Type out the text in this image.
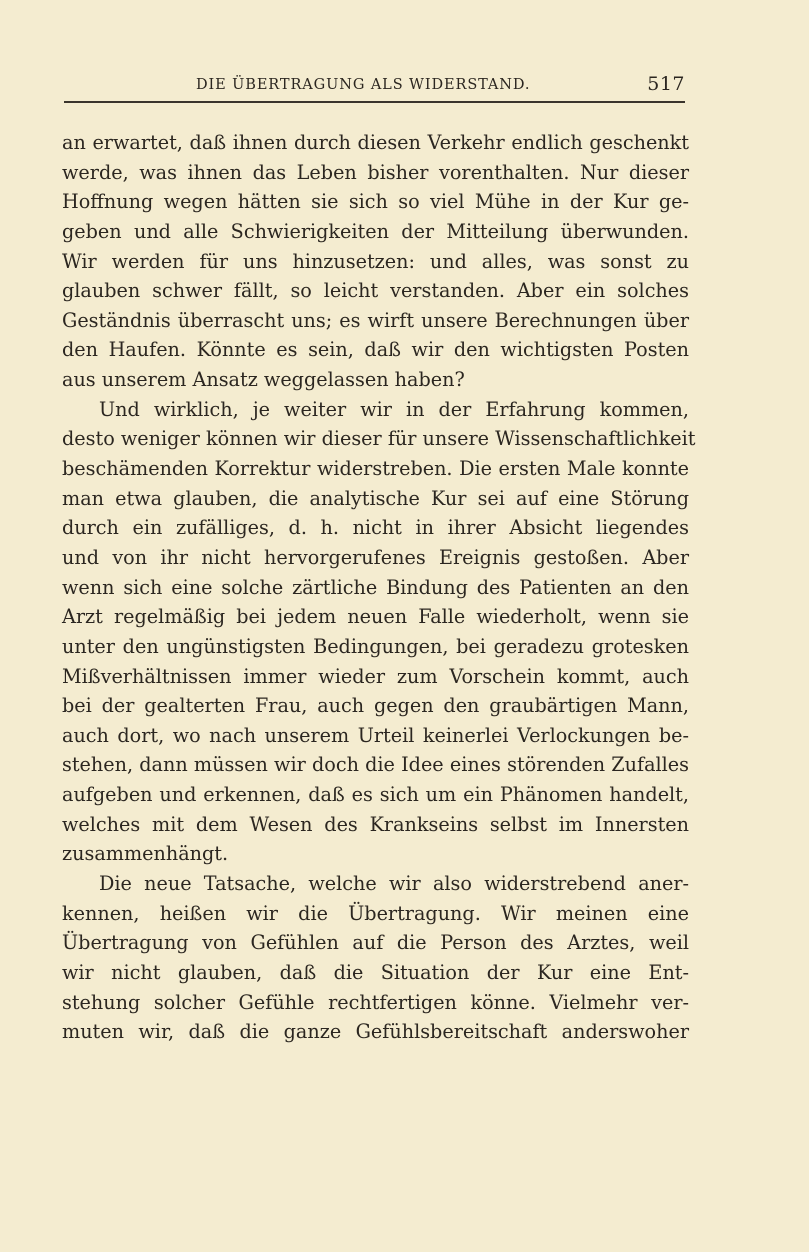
DIE ÜBERTRAGUNG ALS WIDERSTAND.	517
an erwartet, daß ihnen durch diesen Verkehr endlich geschenkt
werde, was ihnen das Leben bisher vorenthalten. Nur dieser
Hoffnung wegen hätten sie sich so viel Mühe in der Kur ge-
geben und alle Schwierigkeiten der Mitteilung überwunden.
Wir werden für uns hinzusetzen: und alles, was sonst zu
glauben schwer fällt, so leicht verstanden. Aber ein solches
Geständnis überrascht uns; es wirft unsere Berechnungen über
den Haufen. Könnte es sein, daß wir den wichtigsten Posten
aus unserem Ansatz weggelassen haben?
Und wirklich, je weiter wir in der Erfahrung kommen,
desto weniger können wir dieser für unsere Wissenschaftlichkeit
beschämenden Korrektur widerstreben. Die ersten Male konnte
man etwa glauben, die analytische Kur sei auf eine Störung
durch ein zufälliges, d. h. nicht in ihrer Absicht liegendes
und von ihr nicht hervorgerufenes Ereignis gestoßen. Aber
wenn sich eine solche zärtliche Bindung des Patienten an den
Arzt regelmäßig bei jedem neuen Falle wiederholt, wenn sie
unter den ungünstigsten Bedingungen, bei geradezu grotesken
Mißverhältnissen immer wieder zum Vorschein kommt, auch
bei der gealterten Frau, auch gegen den graubärtigen Mann,
auch dort, wo nach unserem Urteil keinerlei Verlockungen be-
stehen, dann müssen wir doch die Idee eines störenden Zufalles
aufgeben und erkennen, daß es sich um ein Phänomen handelt,
welches mit dem Wesen des Krankseins selbst im Innersten
zusammenhängt.
Die neue Tatsache, welche wir also widerstrebend aner-
kennen, heißen wir die Übertragung. Wir meinen eine
Übertragung von Gefühlen auf die Person des Arztes, weil
wir nicht glauben, daß die Situation der Kur eine Ent-
stehung solcher Gefühle rechtfertigen könne. Vielmehr ver-
muten wir, daß die ganze Gefühlsbereitschaft anderswoher
